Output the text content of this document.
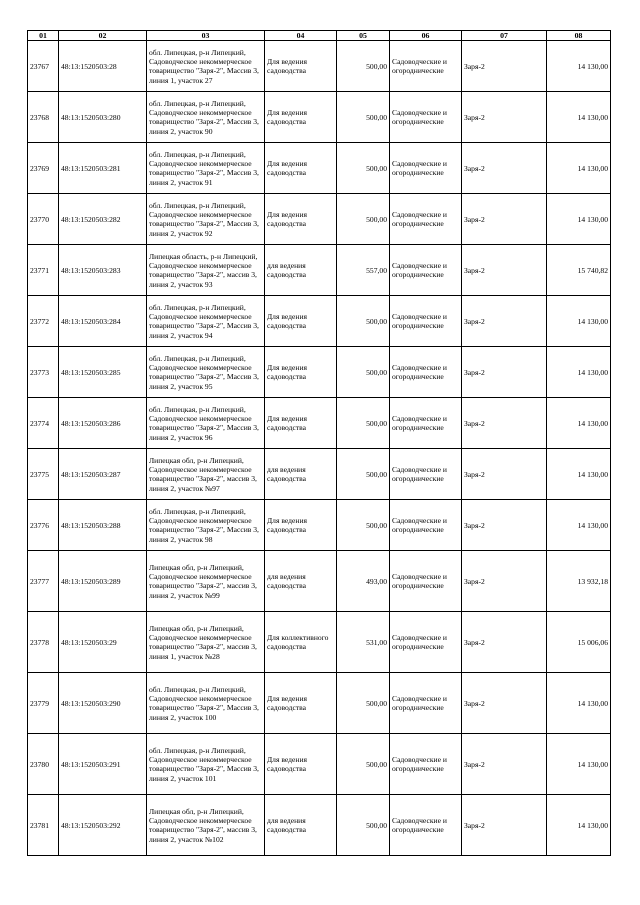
01	02	03	04	05	06	07	08
23767	48:13:1520503:28	обл. Липецкая, р-н Липецкий, Садоводческое некоммерческое товарищество "Заря-2", Массив 3, линия 1, участок 27	Для ведения садоводства	500,00	Садоводческие и огороднические	Заря-2	14 130,00
23768	48:13:1520503:280	обл. Липецкая, р-н Липецкий, Садоводческое некоммерческое товарищество "Заря-2", Массив 3, линия 2, участок 90	Для ведения садоводства	500,00	Садоводческие и огороднические	Заря-2	14 130,00
23769	48:13:1520503:281	обл. Липецкая, р-н Липецкий, Садоводческое некоммерческое товарищество "Заря-2", Массив 3, линия 2, участок 91	Для ведения садоводства	500,00	Садоводческие и огороднические	Заря-2	14 130,00
23770	48:13:1520503:282	обл. Липецкая, р-н Липецкий, Садоводческое некоммерческое товарищество "Заря-2", Массив 3, линия 2, участок 92	Для ведения садоводства	500,00	Садоводческие и огороднические	Заря-2	14 130,00
23771	48:13:1520503:283	Липецкая область, р-н Липецкий, Садоводческое некоммерческое товарищество "Заря-2", массив 3, линия 2, участок 93	для ведения садоводства	557,00	Садоводческие и огороднические	Заря-2	15 740,82
23772	48:13:1520503:284	обл. Липецкая, р-н Липецкий, Садоводческое некоммерческое товарищество "Заря-2", Массив 3, линия 2, участок 94	Для ведения садоводства	500,00	Садоводческие и огороднические	Заря-2	14 130,00
23773	48:13:1520503:285	обл. Липецкая, р-н Липецкий, Садоводческое некоммерческое товарищество "Заря-2", Массив 3, линия 2, участок 95	Для ведения садоводства	500,00	Садоводческие и огороднические	Заря-2	14 130,00
23774	48:13:1520503:286	обл. Липецкая, р-н Липецкий, Садоводческое некоммерческое товарищество "Заря-2", Массив 3, линия 2, участок 96	Для ведения садоводства	500,00	Садоводческие и огороднические	Заря-2	14 130,00
23775	48:13:1520503:287	Липецкая обл, р-н Липецкий, Садоводческое некоммерческое товарищество "Заря-2", массив 3, линия 2, участок №97	для ведения садоводства	500,00	Садоводческие и огороднические	Заря-2	14 130,00
23776	48:13:1520503:288	обл. Липецкая, р-н Липецкий, Садоводческое некоммерческое товарищество "Заря-2", Массив 3, линия 2, участок 98	Для ведения садоводства	500,00	Садоводческие и огороднические	Заря-2	14 130,00
23777	48:13:1520503:289	Липецкая обл, р-н Липецкий, Садоводческое некоммерческое товарищество "Заря-2", массив 3, линия 2, участок №99	для ведения садоводства	493,00	Садоводческие и огороднические	Заря-2	13 932,18
23778	48:13:1520503:29	Липецкая обл, р-н Липецкий, Садоводческое некоммерческое товарищество "Заря-2", массив 3, линия 1, участок №28	Для коллективного садоводства	531,00	Садоводческие и огороднические	Заря-2	15 006,06
23779	48:13:1520503:290	обл. Липецкая, р-н Липецкий, Садоводческое некоммерческое товарищество "Заря-2", Массив 3, линия 2, участок 100	Для ведения садоводства	500,00	Садоводческие и огороднические	Заря-2	14 130,00
23780	48:13:1520503:291	обл. Липецкая, р-н Липецкий, Садоводческое некоммерческое товарищество "Заря-2", Массив 3, линия 2, участок 101	Для ведения садоводства	500,00	Садоводческие и огороднические	Заря-2	14 130,00
23781	48:13:1520503:292	Липецкая обл, р-н Липецкий, Садоводческое некоммерческое товарищество "Заря-2", массив 3, линия 2, участок №102	для ведения садоводства	500,00	Садоводческие и огороднические	Заря-2	14 130,00
